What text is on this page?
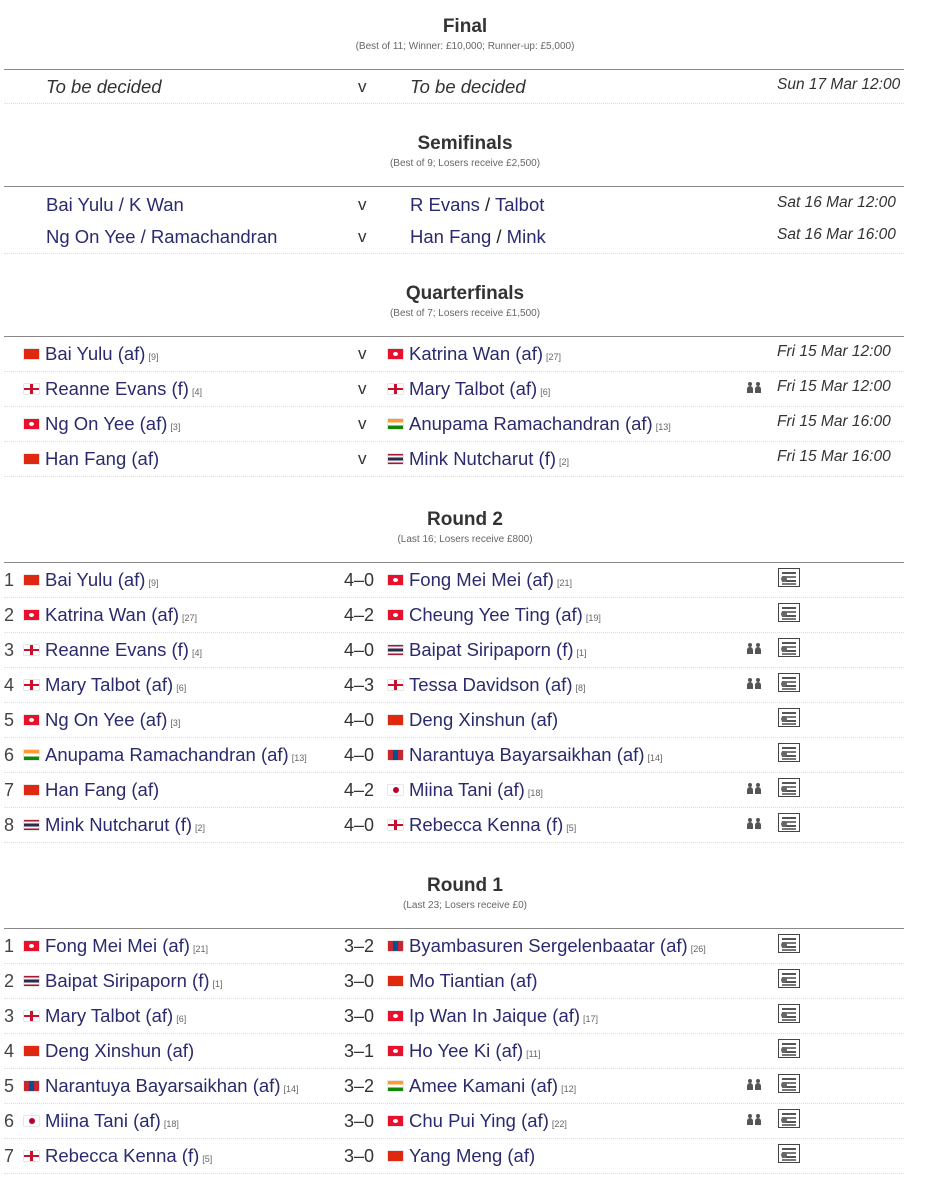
Final
(Best of 11; Winner: £10,000; Runner-up: £5,000)
To be decided	v To be decided	Sun 17 Mar 12:00
Semifinals
(Best of 9; Losers receive £2,500)
Bai Yulu / K Wan	v R Evans / Talbot	Sat 16 Mar 12:00
Ng On Yee / Ramachandran	v Han Fang / Mink	Sat 16 Mar 16:00
Quarterfinals
(Best of 7; Losers receive £1,500)
Bai Yulu (af) [9]	v	Katrina Wan (af) [27]	Fri 15 Mar 12:00
Reanne Evans (f) [4]	v	Mary Talbot (af) [6]	Fri 15 Mar 12:00
Ng On Yee (af) [3]	v	Anupama Ramachandran (af) [13]	Fri 15 Mar 16:00
Han Fang (af)	v	Mink Nutcharut (f) [2]	Fri 15 Mar 16:00
Round 2
(Last 16; Losers receive £800)
1	Bai Yulu (af) [9]	4–0	Fong Mei Mei (af) [21]
2	Katrina Wan (af) [27]	4–2	Cheung Yee Ting (af) [19]
3	Reanne Evans (f) [4]	4–0	Baipat Siripaporn (f) [1]
4	Mary Talbot (af) [6]	4–3	Tessa Davidson (af) [8]
5	Ng On Yee (af) [3]	4–0	Deng Xinshun (af)
6	Anupama Ramachandran (af) [13] 4–0	Narantuya Bayarsaikhan (af) [14]
7	Han Fang (af)	4–2	Miina Tani (af) [18]
8	Mink Nutcharut (f) [2]	4–0	Rebecca Kenna (f) [5]
Round 1
(Last 23; Losers receive £0)
1	Fong Mei Mei (af) [21]	3–2	Byambasuren Sergelenbaatar (af) [26]
2	Baipat Siripaporn (f) [1]	3–0	Mo Tiantian (af)
3	Mary Talbot (af) [6]	3–0	Ip Wan In Jaique (af) [17]
4	Deng Xinshun (af)	3–1	Ho Yee Ki (af) [11]
5	Narantuya Bayarsaikhan (af) [14]	3–2	Amee Kamani (af) [12]
6	Miina Tani (af) [18]	3–0	Chu Pui Ying (af) [22]
7	Rebecca Kenna (f) [5]	3–0	Yang Meng (af)
